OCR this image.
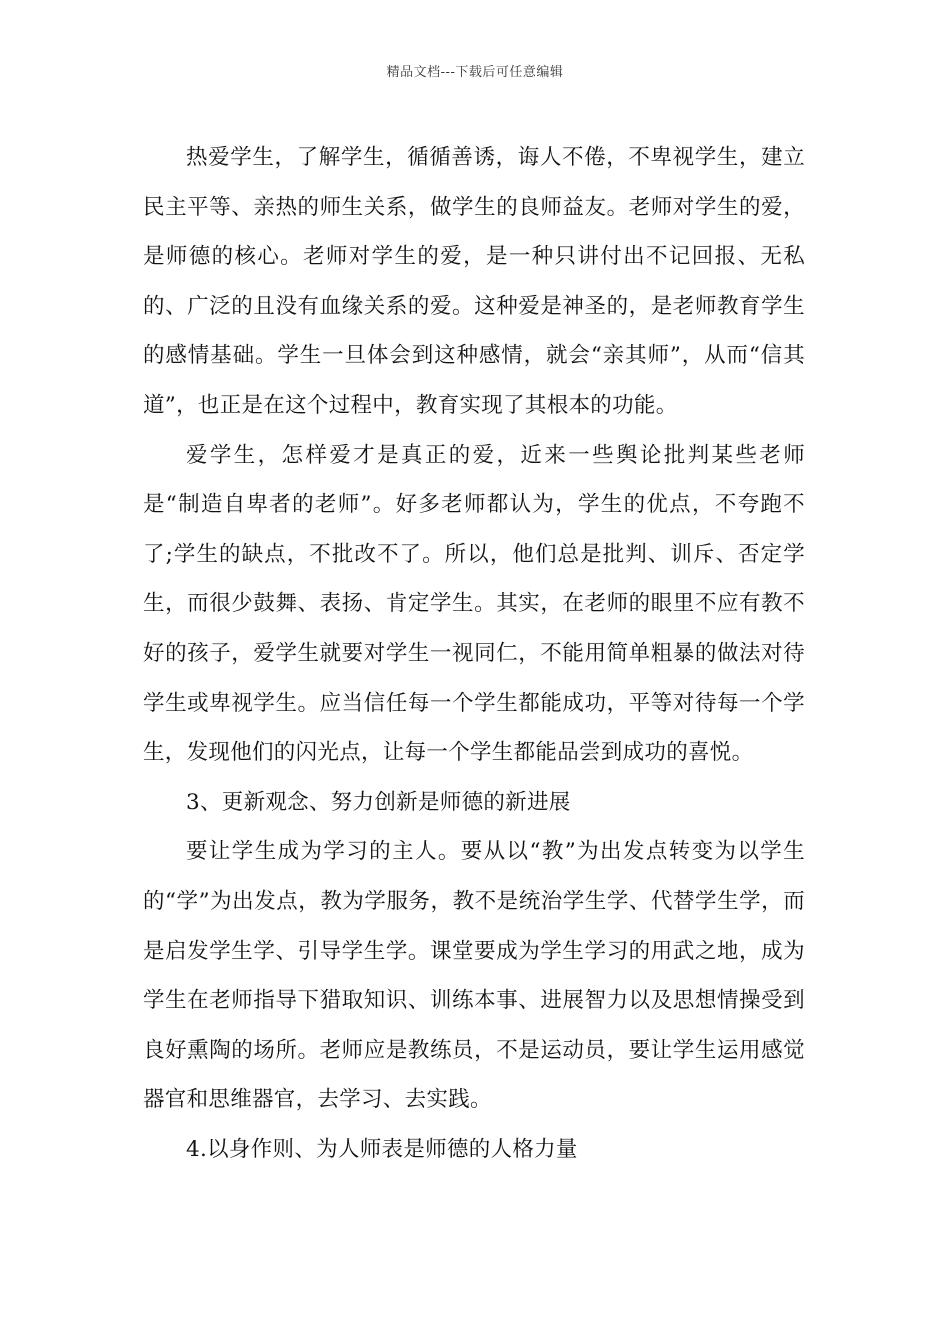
精品文档---下载后可任意编辑

热爱学生，了解学生，循循善诱，诲人不倦，不卑视学生，建立民主平等、亲热的师生关系，做学生的良师益友。老师对学生的爱，是师德的核心。老师对学生的爱，是一种只讲付出不记回报、无私的、广泛的且没有血缘关系的爱。这种爱是神圣的，是老师教育学生的感情基础。学生一旦体会到这种感情，就会“亲其师”，从而“信其道”，也正是在这个过程中，教育实现了其根本的功能。

爱学生，怎样爱才是真正的爱，近来一些舆论批判某些老师是“制造自卑者的老师”。好多老师都认为，学生的优点，不夸跑不了;学生的缺点，不批改不了。所以，他们总是批判、训斥、否定学生，而很少鼓舞、表扬、肯定学生。其实，在老师的眼里不应有教不好的孩子，爱学生就要对学生一视同仁，不能用简单粗暴的做法对待学生或卑视学生。应当信任每一个学生都能成功，平等对待每一个学生，发现他们的闪光点，让每一个学生都能品尝到成功的喜悦。

3、更新观念、努力创新是师德的新进展

要让学生成为学习的主人。要从以“教”为出发点转变为以学生的“学”为出发点，教为学服务，教不是统治学生学、代替学生学，而是启发学生学、引导学生学。课堂要成为学生学习的用武之地，成为学生在老师指导下猎取知识、训练本事、进展智力以及思想情操受到良好熏陶的场所。老师应是教练员，不是运动员，要让学生运用感觉器官和思维器官，去学习、去实践。

4.以身作则、为人师表是师德的人格力量
